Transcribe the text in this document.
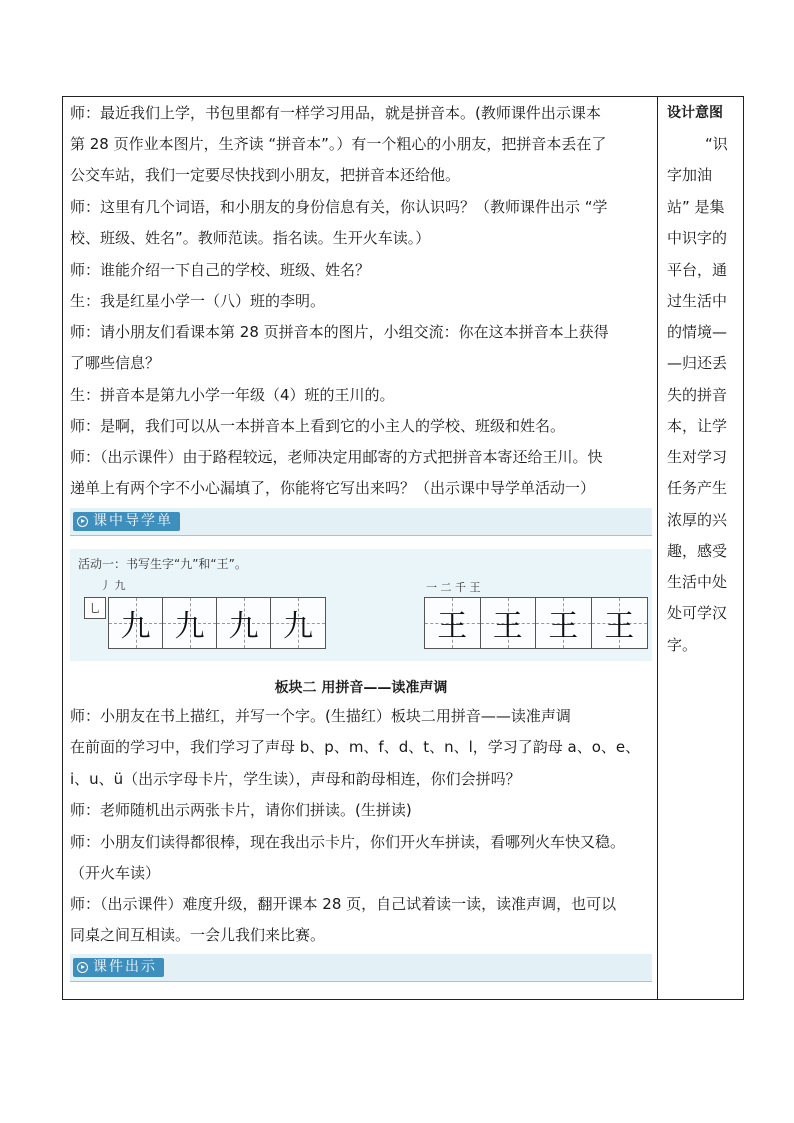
师：最近我们上学，书包里都有一样学习用品，就是拼音本。(教师课件出示课本
第 28 页作业本图片，生齐读 “拼音本”。）有一个粗心的小朋友，把拼音本丢在了
公交车站，我们一定要尽快找到小朋友，把拼音本还给他。
师：这里有几个词语，和小朋友的身份信息有关，你认识吗？（教师课件出示 “学
校、班级、姓名”。教师范读。指名读。生开火车读。）
师：谁能介绍一下自己的学校、班级、姓名？
生：我是红星小学一（八）班的李明。
师：请小朋友们看课本第 28 页拼音本的图片，小组交流：你在这本拼音本上获得
了哪些信息？
生：拼音本是第九小学一年级（4）班的王川的。
师：是啊，我们可以从一本拼音本上看到它的小主人的学校、班级和姓名。
师：（出示课件）由于路程较远，老师决定用邮寄的方式把拼音本寄还给王川。快
递单上有两个字不小心漏填了，你能将它写出来吗？（出示课中导学单活动一）
课中导学单
活动一：书写生字“九”和“王”。
丿 九
乚
九 九 九 九
一 二 千 王
王 王 王 王
板块二 用拼音——读准声调
师：小朋友在书上描红，并写一个字。(生描红）板块二用拼音——读准声调
在前面的学习中，我们学习了声母 b、p、m、f、d、t、n、l，学习了韵母 a、o、e、
i、u、ü（出示字母卡片，学生读），声母和韵母相连，你们会拼吗？
师：老师随机出示两张卡片，请你们拼读。(生拼读)
师：小朋友们读得都很棒，现在我出示卡片，你们开火车拼读，看哪列火车快又稳。
（开火车读）
师：（出示课件）难度升级，翻开课本 28 页，自己试着读一读，读准声调，也可以
同桌之间互相读。一会儿我们来比赛。
课件出示
设计意图
“识
字加油
站” 是集
中识字的
平台，通
过生活中
的情境—
—归还丢
失的拼音
本，让学
生对学习
任务产生
浓厚的兴
趣，感受
生活中处
处可学汉
字。
